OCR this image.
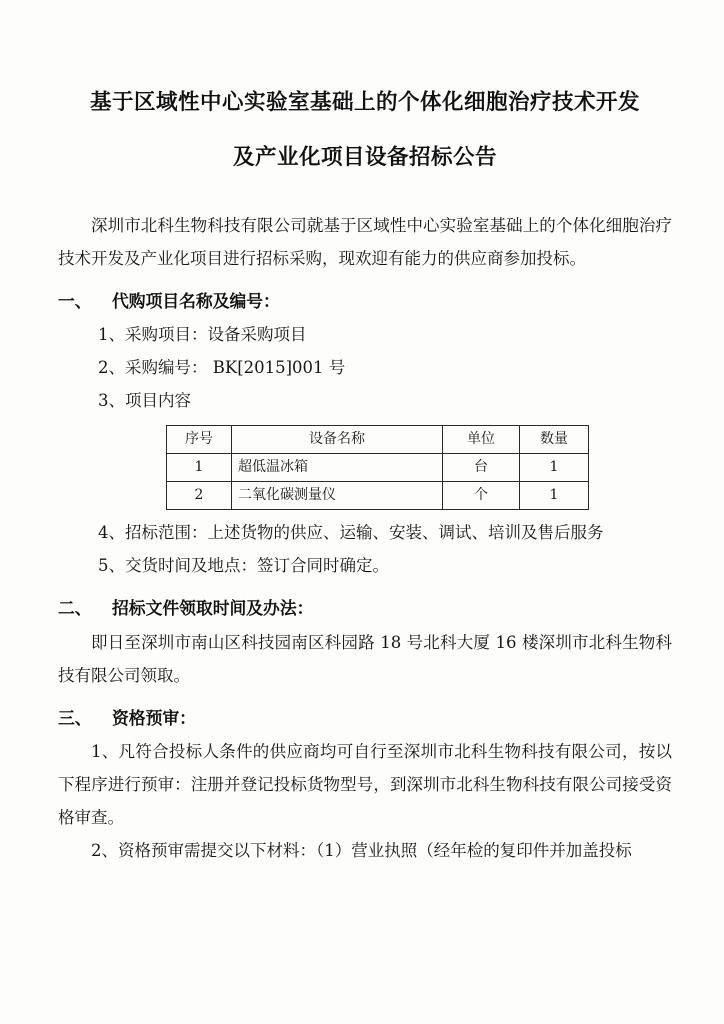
基于区域性中心实验室基础上的个体化细胞治疗技术开发
及产业化项目设备招标公告
深圳市北科生物科技有限公司就基于区域性中心实验室基础上的个体化细胞治疗技术开发及产业化项目进行招标采购，现欢迎有能力的供应商参加投标。
一、 代购项目名称及编号：
1、采购项目：设备采购项目
2、采购编号： BK[2015]001 号
3、项目内容
序号	设备名称	单位	数量
1	超低温冰箱	台	1
2	二氧化碳测量仪	个	1
4、招标范围：上述货物的供应、运输、安装、调试、培训及售后服务
5、交货时间及地点：签订合同时确定。
二、 招标文件领取时间及办法：
即日至深圳市南山区科技园南区科园路 18 号北科大厦 16 楼深圳市北科生物科技有限公司领取。
三、 资格预审：
1、凡符合投标人条件的供应商均可自行至深圳市北科生物科技有限公司，按以下程序进行预审：注册并登记投标货物型号，到深圳市北科生物科技有限公司接受资格审查。
2、资格预审需提交以下材料：（1）营业执照（经年检的复印件并加盖投标
